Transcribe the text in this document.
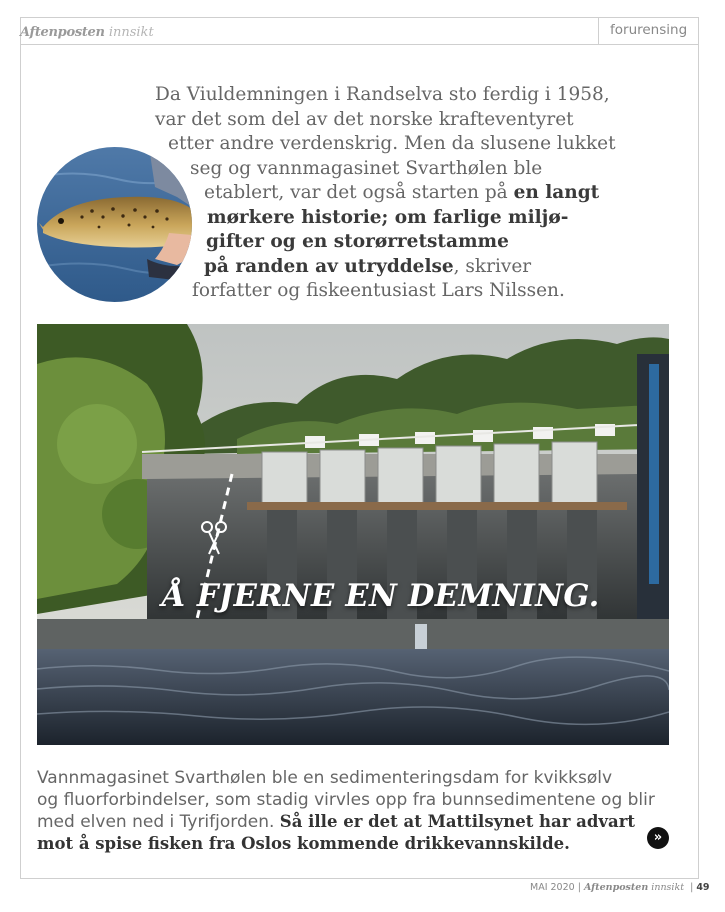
Aftenposten innsikt	forurensing
Da Viuldemningen i Randselva sto ferdig i 1958,
var det som del av det norske krafteventyret
etter andre verdenskrig. Men da slusene lukket
seg og vannmagasinet Svarthølen ble
etablert, var det også starten på en langt
mørkere historie; om farlige miljø-
gifter og en storørretstamme
på randen av utryddelse, skriver
forfatter og fiskeentusiast Lars Nilssen.
Å FJERNE EN DEMNING.
Vannmagasinet Svarthølen ble en sedimenteringsdam for kvikksølv
og fluorforbindelser, som stadig virvles opp fra bunnsedimentene og blir
med elven ned i Tyrifjorden. Så ille er det at Mattilsynet har advart
mot å spise fisken fra Oslos kommende drikkevannskilde.	»
MAI 2020 | Aftenposten innsikt  | 49
